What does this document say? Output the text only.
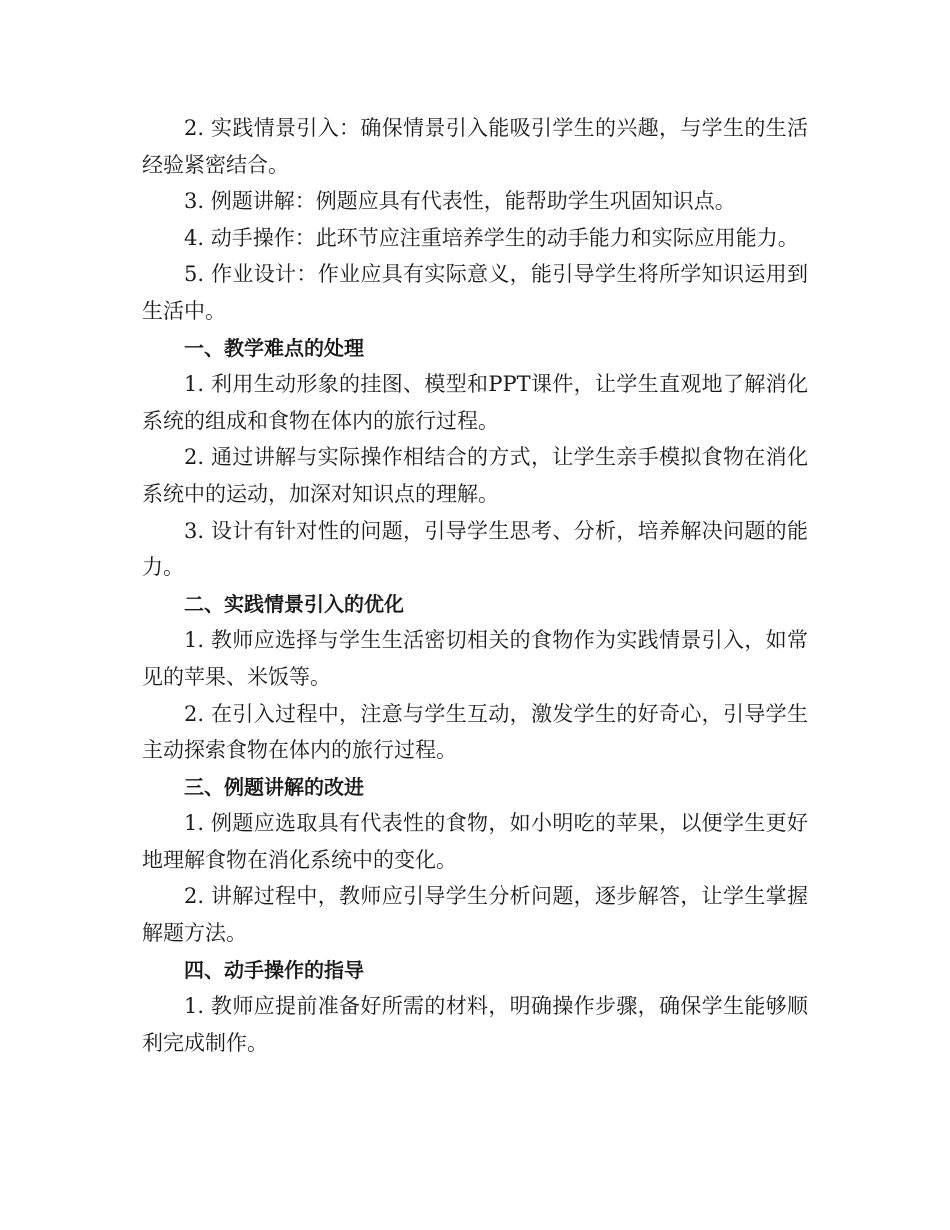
2. 实践情景引入：确保情景引入能吸引学生的兴趣，与学生的生活经验紧密结合。

3. 例题讲解：例题应具有代表性，能帮助学生巩固知识点。

4. 动手操作：此环节应注重培养学生的动手能力和实际应用能力。

5. 作业设计：作业应具有实际意义，能引导学生将所学知识运用到生活中。

一、教学难点的处理

1. 利用生动形象的挂图、模型和PPT课件，让学生直观地了解消化系统的组成和食物在体内的旅行过程。

2. 通过讲解与实际操作相结合的方式，让学生亲手模拟食物在消化系统中的运动，加深对知识点的理解。

3. 设计有针对性的问题，引导学生思考、分析，培养解决问题的能力。

二、实践情景引入的优化

1. 教师应选择与学生生活密切相关的食物作为实践情景引入，如常见的苹果、米饭等。

2. 在引入过程中，注意与学生互动，激发学生的好奇心，引导学生主动探索食物在体内的旅行过程。

三、例题讲解的改进

1. 例题应选取具有代表性的食物，如小明吃的苹果，以便学生更好地理解食物在消化系统中的变化。

2. 讲解过程中，教师应引导学生分析问题，逐步解答，让学生掌握解题方法。

四、动手操作的指导

1. 教师应提前准备好所需的材料，明确操作步骤，确保学生能够顺利完成制作。
